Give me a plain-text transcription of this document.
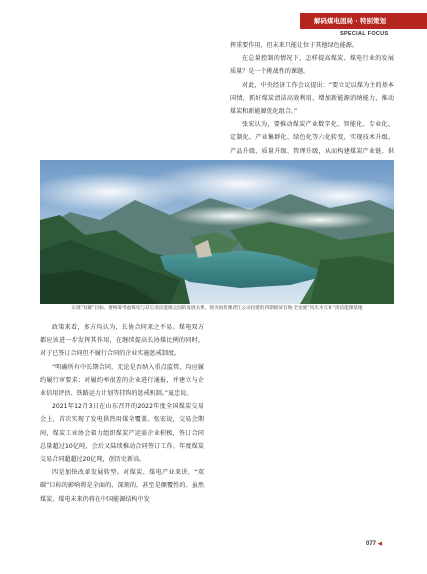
解码煤电困局 · 特别策划
SPECIAL FOCUS

挥重要作用，但未来只能让位于其他绿色能源。

在总量控制的情况下，怎样提高煤炭、煤电行业的发展质量？是一个挑战性的课题。

对此，中央经济工作会议提出：“要立足以煤为主的基本国情，抓好煤炭清洁高效利用，增加新能源消纳能力，推动煤炭和新能源优化组合。”

张宏认为，要推动煤炭产业数字化、智能化、专业化、定制化、产业集群化、绿色化等六化转变，实现技术升级、产品升级、质量升级、管理升级，从而构建煤炭产业链、供

实现“双碳”目标，要统筹考虑煤电与其它清洁能源之间的发展关系，图为国投雅砻江公司投建的四期锦屏官地·全龙底“风光水互补”清洁能源基地

政策来看，多方均认为，长协合同来之不易。煤电双方都应该进一步发挥其作用，在继续提高长协煤比例的同时，对于已签订合同但不履行合同的企业实施惩戒制度。

“明确所有中长期合同，无论是否纳入重点监管，均应履约履行审要求；对履约率很差的企业进行通报，并建立与企业信用评估、铁路运力计划等挂钩的惩戒机制。”夏忠说。

2021年12月3日在山东召开的2022年度全国煤炭交易会上，首次实现了发电供热用煤全覆盖。张宏说，交易会期间，煤炭工业协会着力组织煤炭产运需企业积极，签订合同总量超过10亿吨，会后又陆续推动合同签订工作，年度煤炭交易合同超超过20亿吨，创历史新高。

四是加快改革发展转型。对煤炭、煤电产业来讲，“双碳”目标的影响将是全面的、深刻的，甚至是颠覆性的。虽然煤炭、煤电未来仍将在中国能源结构中发

077 ◀
